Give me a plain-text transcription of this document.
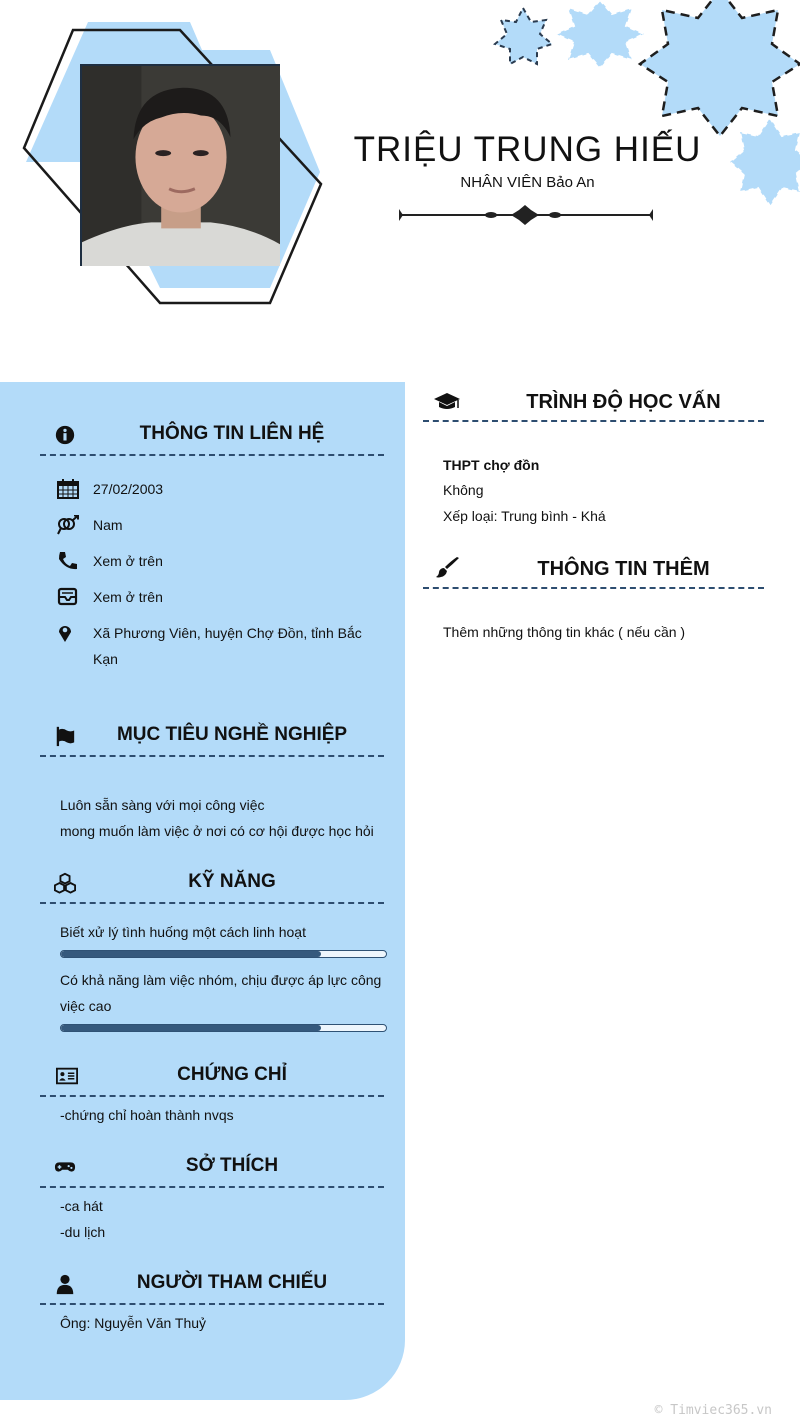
TRIỆU TRUNG HIẾU
NHÂN VIÊN Bảo An
THÔNG TIN LIÊN HỆ
27/02/2003
Nam
Xem ở trên
Xem ở trên
Xã Phương Viên, huyện Chợ Đồn, tỉnh Bắc Kạn
MỤC TIÊU NGHỀ NGHIỆP
Luôn sẵn sàng với mọi công việc
mong muốn làm việc ở nơi có cơ hội được học hỏi
KỸ NĂNG
Biết xử lý tình huống một cách linh hoạt
Có khả năng làm việc nhóm, chịu được áp lực công việc cao
CHỨNG CHỈ
-chứng chỉ hoàn thành nvqs
SỞ THÍCH
-ca hát
-du lịch
NGƯỜI THAM CHIẾU
Ông: Nguyễn Văn Thuỷ
TRÌNH ĐỘ HỌC VẤN
THPT chợ đồn
Không
Xếp loại: Trung bình - Khá
THÔNG TIN THÊM
Thêm những thông tin khác ( nếu cần )
© Timviec365.vn
